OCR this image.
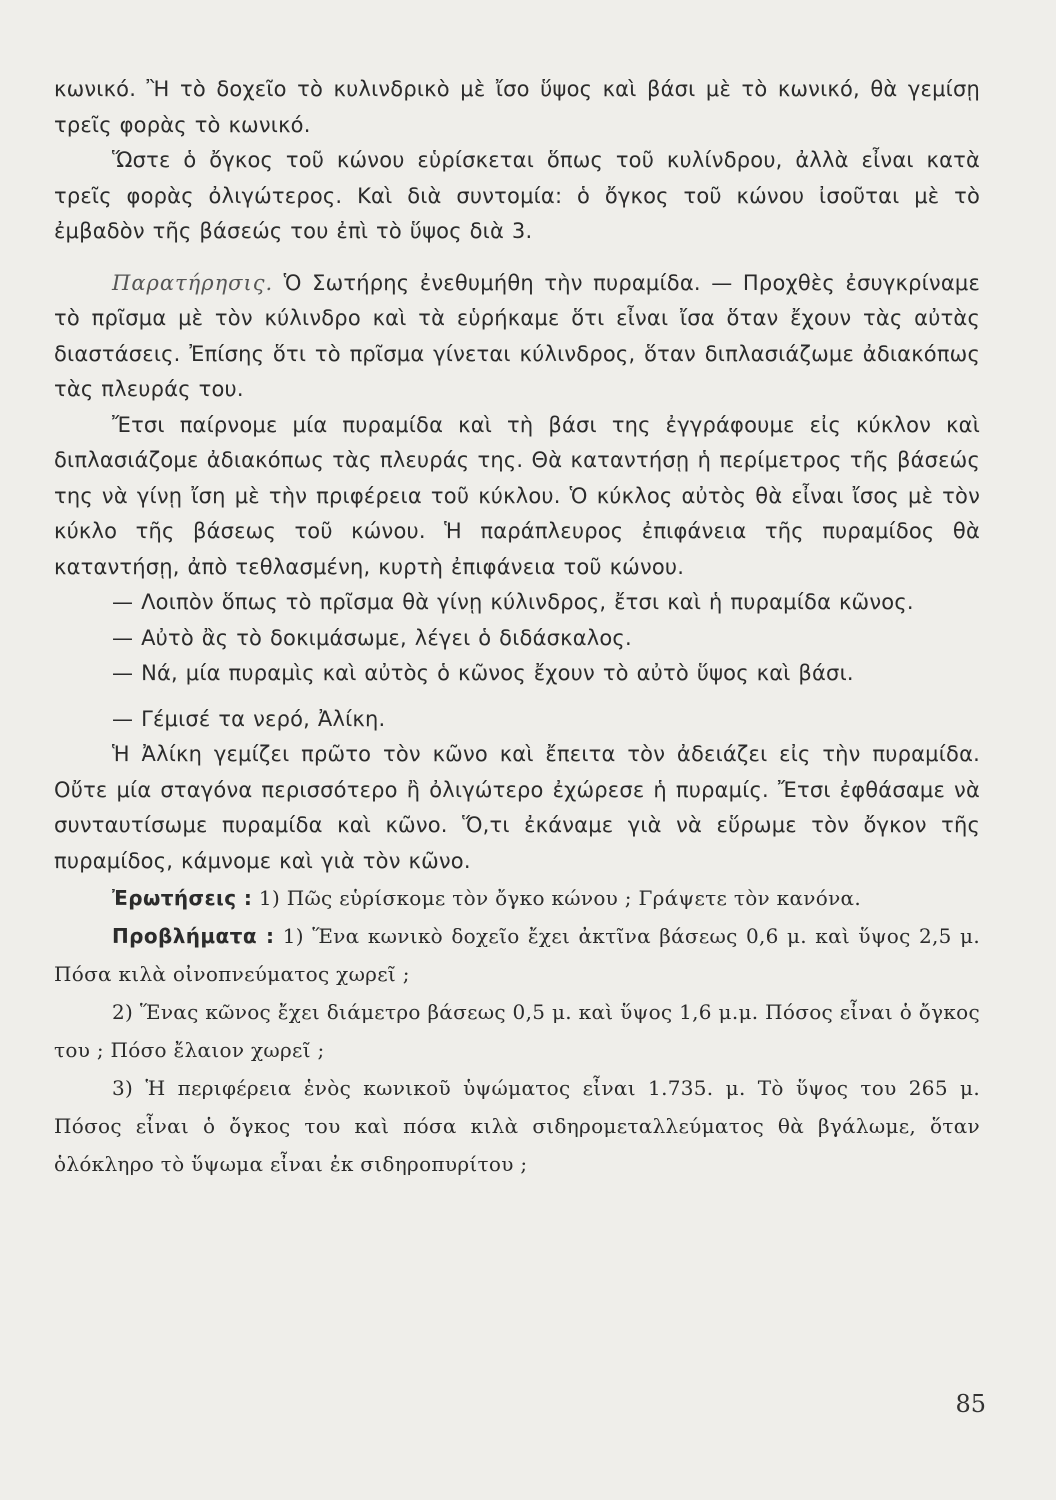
κωνικό. Ἢ τὸ δοχεῖο τὸ κυλινδρικὸ μὲ ἴσο ὕψος καὶ βάσι μὲ τὸ κωνικό, θὰ γεμίσῃ τρεῖς φορὰς τὸ κωνικό.

Ὥστε ὁ ὄγκος τοῦ κώνου εὑρίσκεται ὅπως τοῦ κυλίνδρου, ἀλλὰ εἶναι κατὰ τρεῖς φορὰς ὀλιγώτερος. Καὶ διὰ συντομία: ὁ ὄγκος τοῦ κώνου ἰσοῦται μὲ τὸ ἐμβαδὸν τῆς βάσεώς του ἐπὶ τὸ ὕψος διὰ 3.

Παρατήρησις. Ὁ Σωτήρης ἐνεθυμήθη τὴν πυραμίδα. — Προχθὲς ἐσυγκρίναμε τὸ πρῖσμα μὲ τὸν κύλινδρο καὶ τὰ εὑρήκαμε ὅτι εἶναι ἴσα ὅταν ἔχουν τὰς αὐτὰς διαστάσεις. Ἐπίσης ὅτι τὸ πρῖσμα γίνεται κύλινδρος, ὅταν διπλασιάζωμε ἀδιακόπως τὰς πλευράς του.

Ἔτσι παίρνομε μία πυραμίδα καὶ τὴ βάσι της ἐγγράφουμε εἰς κύκλον καὶ διπλασιάζομε ἀδιακόπως τὰς πλευράς της. Θὰ καταντήσῃ ἡ περίμετρος τῆς βάσεώς της νὰ γίνῃ ἴση μὲ τὴν πριφέρεια τοῦ κύκλου. Ὁ κύκλος αὐτὸς θὰ εἶναι ἴσος μὲ τὸν κύκλο τῆς βάσεως τοῦ κώνου. Ἡ παράπλευρος ἐπιφάνεια τῆς πυραμίδος θὰ καταντήσῃ, ἀπὸ τεθλασμένη, κυρτὴ ἐπιφάνεια τοῦ κώνου.

— Λοιπὸν ὅπως τὸ πρῖσμα θὰ γίνῃ κύλινδρος, ἔτσι καὶ ἡ πυραμίδα κῶνος.

— Αὐτὸ ἂς τὸ δοκιμάσωμε, λέγει ὁ διδάσκαλος.

— Νά, μία πυραμὶς καὶ αὐτὸς ὁ κῶνος ἔχουν τὸ αὐτὸ ὕψος καὶ βάσι.

— Γέμισέ τα νερό, Ἀλίκη.

Ἡ Ἀλίκη γεμίζει πρῶτο τὸν κῶνο καὶ ἔπειτα τὸν ἀδειάζει εἰς τὴν πυραμίδα. Οὔτε μία σταγόνα περισσότερο ἢ ὀλιγώτερο ἐχώρεσε ἡ πυραμίς. Ἔτσι ἐφθάσαμε νὰ συνταυτίσωμε πυραμίδα καὶ κῶνο. Ὅ,τι ἐκάναμε γιὰ νὰ εὕρωμε τὸν ὄγκον τῆς πυραμίδος, κάμνομε καὶ γιὰ τὸν κῶνο.

Ἐρωτήσεις : 1) Πῶς εὑρίσκομε τὸν ὄγκο κώνου ; Γράψετε τὸν κανόνα.

Προβλήματα : 1) Ἕνα κωνικὸ δοχεῖο ἔχει ἀκτῖνα βάσεως 0,6 μ. καὶ ὕψος 2,5 μ. Πόσα κιλὰ οἰνοπνεύματος χωρεῖ ;

2) Ἕνας κῶνος ἔχει διάμετρο βάσεως 0,5 μ. καὶ ὕψος 1,6 μ.μ. Πόσος εἶναι ὁ ὄγκος του ; Πόσο ἔλαιον χωρεῖ ;

3) Ἡ περιφέρεια ἑνὸς κωνικοῦ ὑψώματος εἶναι 1.735. μ. Τὸ ὕψος του 265 μ. Πόσος εἶναι ὁ ὄγκος του καὶ πόσα κιλὰ σιδηρομεταλλεύματος θὰ βγάλωμε, ὅταν ὁλόκληρο τὸ ὕψωμα εἶναι ἐκ σιδηροπυρίτου ;

85
